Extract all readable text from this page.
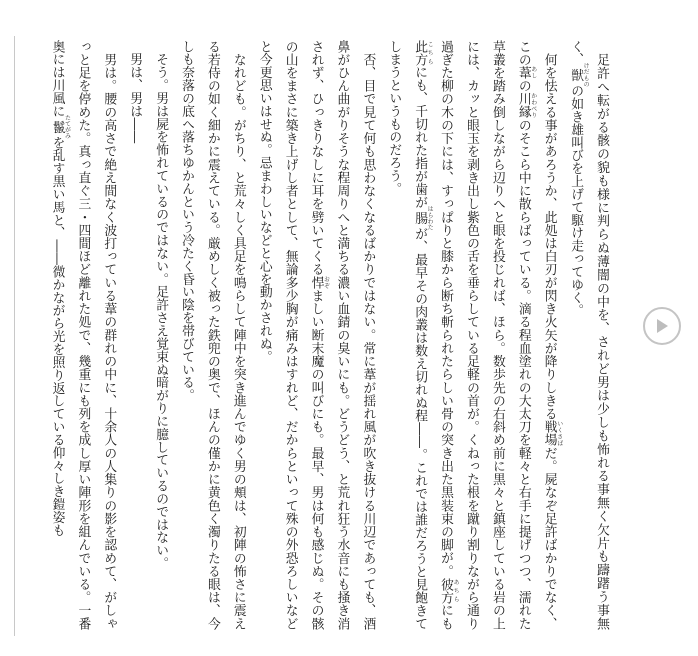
　足許へ転がる骸の貌も様に判らぬ薄闇の中を、されど男は少しも怖れる事無く欠片も躊躇う事無く、獣 けだものの如き雄叫びを上げて駆け走ってゆく。

　何を怯える事があろうか、此処は白刃が閃き火矢が降りしきる戦場 いくさばだ。屍なぞ足許ばかりでなく、この葦 あしの川縁 かわべりのそこら中に散らばっている。滴る程血塗れの大太刀を軽々と右手に提げつつ、濡れた草叢を踏み倒しながら辺りへと眼を投じれば、ほら。数歩先の右斜め前に黒々と鎮座している岩の上には、カッと眼玉を剥き出し紫色の舌を垂らしている足軽の首が。くねった根を蹴り割りながら通り過ぎた柳の木の下には、すっぱりと膝から断ち斬られたらしい骨の突き出た黒装束の脚が。彼方 あちらにも此方 こちらにも、千切れた指が歯が腸 はらわたが、最早その肉叢は数え切れぬ程――。これでは誰だろうと見飽きてしまうというものだろう。

　否、目で見て何も思わなくなるばかりではない。常に葦が揺れ風が吹き抜ける川辺であっても、酒鼻がひん曲がりそうな程周りへと満ちる濃い血錆の臭いにも。どうどう、と荒れ狂う水音にも掻き消されず、ひっきりなしに耳を劈いてくる悍 おぞましい断末魔の叫びにも。最早、男は何も感じぬ。その骸の山をまさに築き上げし者として、無論多少胸が痛みはすれど、だからといって殊の外恐ろしいなどと今更思いはせぬ。忌まわしいなどと心を動かされぬ。

　なれども。がちり、と荒々しく具足を鳴らして陣中を突き進んでゆく男の頬は、初陣の怖さに震える若侍の如く細かに震えている。厳めしく被った鉄兜の奥で、ほんの僅かに黄色く濁りたる眼は、今しも奈落の底へ落ちゆかんという冷たく昏い陰を帯びている。

　そう。男は屍を怖れているのではない。足許さえ覚束ぬ暗がりに臆しているのではない。

　男は、男は――

　男は。腰の高さで絶え間なく波打っている葦の群れの中に、十余人の人集りの影を認めて、がしゃっと足を停めた。真っ直ぐ三・四間ほど離れた処で、幾重にも列を成し厚い陣形を組んでいる。一番奥には川風に鬣 たてがみを乱す黒い馬と、――微かながら光を照り返している仰々しき鎧姿も
